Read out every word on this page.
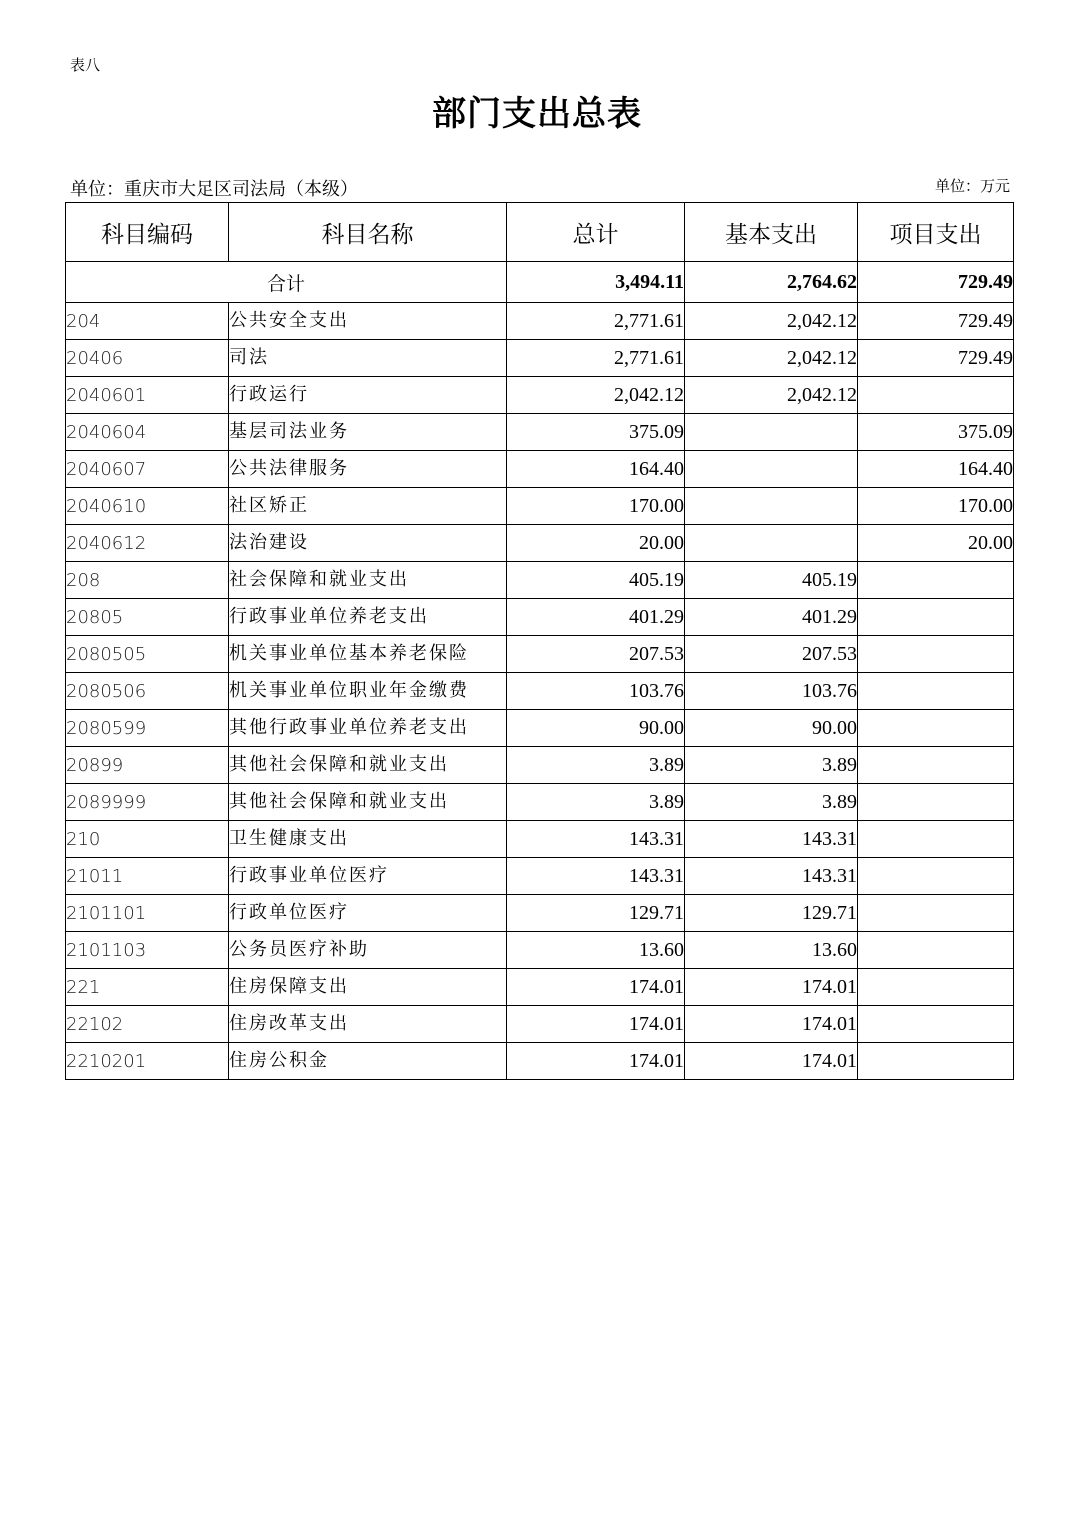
表八
部门支出总表
单位：重庆市大足区司法局（本级）	单位：万元
科目编码	科目名称	总计	基本支出	项目支出
合计		3,494.11	2,764.62	729.49
204	公共安全支出	2,771.61	2,042.12	729.49
20406	司法	2,771.61	2,042.12	729.49
2040601	行政运行	2,042.12	2,042.12	
2040604	基层司法业务	375.09		375.09
2040607	公共法律服务	164.40		164.40
2040610	社区矫正	170.00		170.00
2040612	法治建设	20.00		20.00
208	社会保障和就业支出	405.19	405.19	
20805	行政事业单位养老支出	401.29	401.29	
2080505	机关事业单位基本养老保险	207.53	207.53	
2080506	机关事业单位职业年金缴费	103.76	103.76	
2080599	其他行政事业单位养老支出	90.00	90.00	
20899	其他社会保障和就业支出	3.89	3.89	
2089999	其他社会保障和就业支出	3.89	3.89	
210	卫生健康支出	143.31	143.31	
21011	行政事业单位医疗	143.31	143.31	
2101101	行政单位医疗	129.71	129.71	
2101103	公务员医疗补助	13.60	13.60	
221	住房保障支出	174.01	174.01	
22102	住房改革支出	174.01	174.01	
2210201	住房公积金	174.01	174.01	
